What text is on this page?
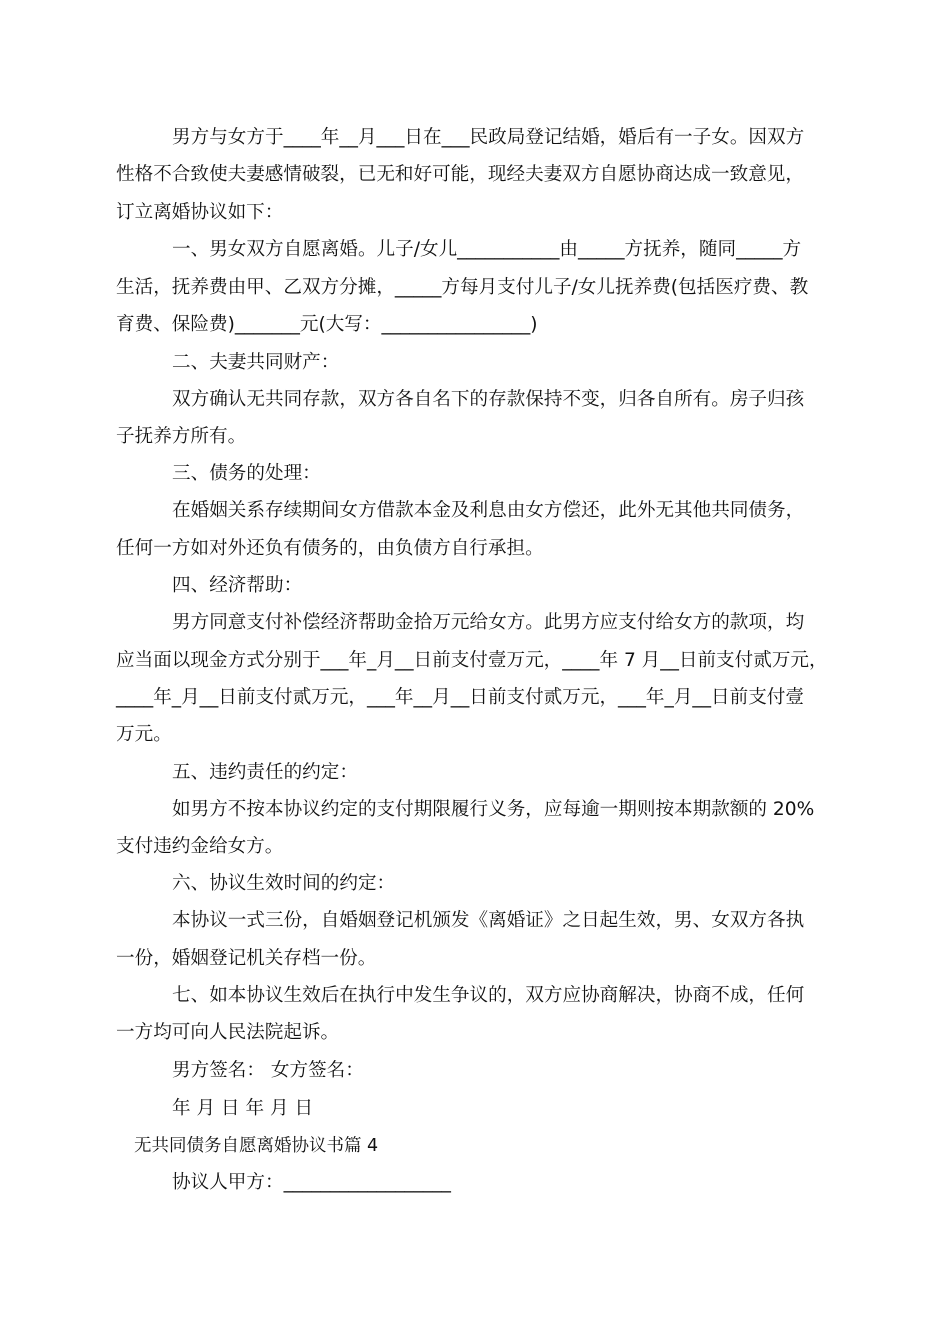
男方与女方于____年__月___日在___民政局登记结婚，婚后有一子女。因双方
性格不合致使夫妻感情破裂，已无和好可能，现经夫妻双方自愿协商达成一致意见，
订立离婚协议如下：
一、男女双方自愿离婚。儿子/女儿___________由_____方抚养，随同_____方
生活，抚养费由甲、乙双方分摊，_____方每月支付儿子/女儿抚养费(包括医疗费、教
育费、保险费)_______元(大写：________________)
二、夫妻共同财产：
双方确认无共同存款，双方各自名下的存款保持不变，归各自所有。房子归孩
子抚养方所有。
三、债务的处理：
在婚姻关系存续期间女方借款本金及利息由女方偿还，此外无其他共同债务，
任何一方如对外还负有债务的，由负债方自行承担。
四、经济帮助：
男方同意支付补偿经济帮助金拾万元给女方。此男方应支付给女方的款项，均
应当面以现金方式分别于___年_月__日前支付壹万元，____年 7 月__日前支付贰万元，
____年_月__日前支付贰万元，___年__月__日前支付贰万元，___年_月__日前支付壹
万元。
五、违约责任的约定：
如男方不按本协议约定的支付期限履行义务，应每逾一期则按本期款额的 20%
支付违约金给女方。
六、协议生效时间的约定：
本协议一式三份，自婚姻登记机颁发《离婚证》之日起生效，男、女双方各执
一份，婚姻登记机关存档一份。
七、如本协议生效后在执行中发生争议的，双方应协商解决，协商不成，任何
一方均可向人民法院起诉。
男方签名： 女方签名：
年 月 日 年 月 日
无共同债务自愿离婚协议书篇 4
协议人甲方：__________________
